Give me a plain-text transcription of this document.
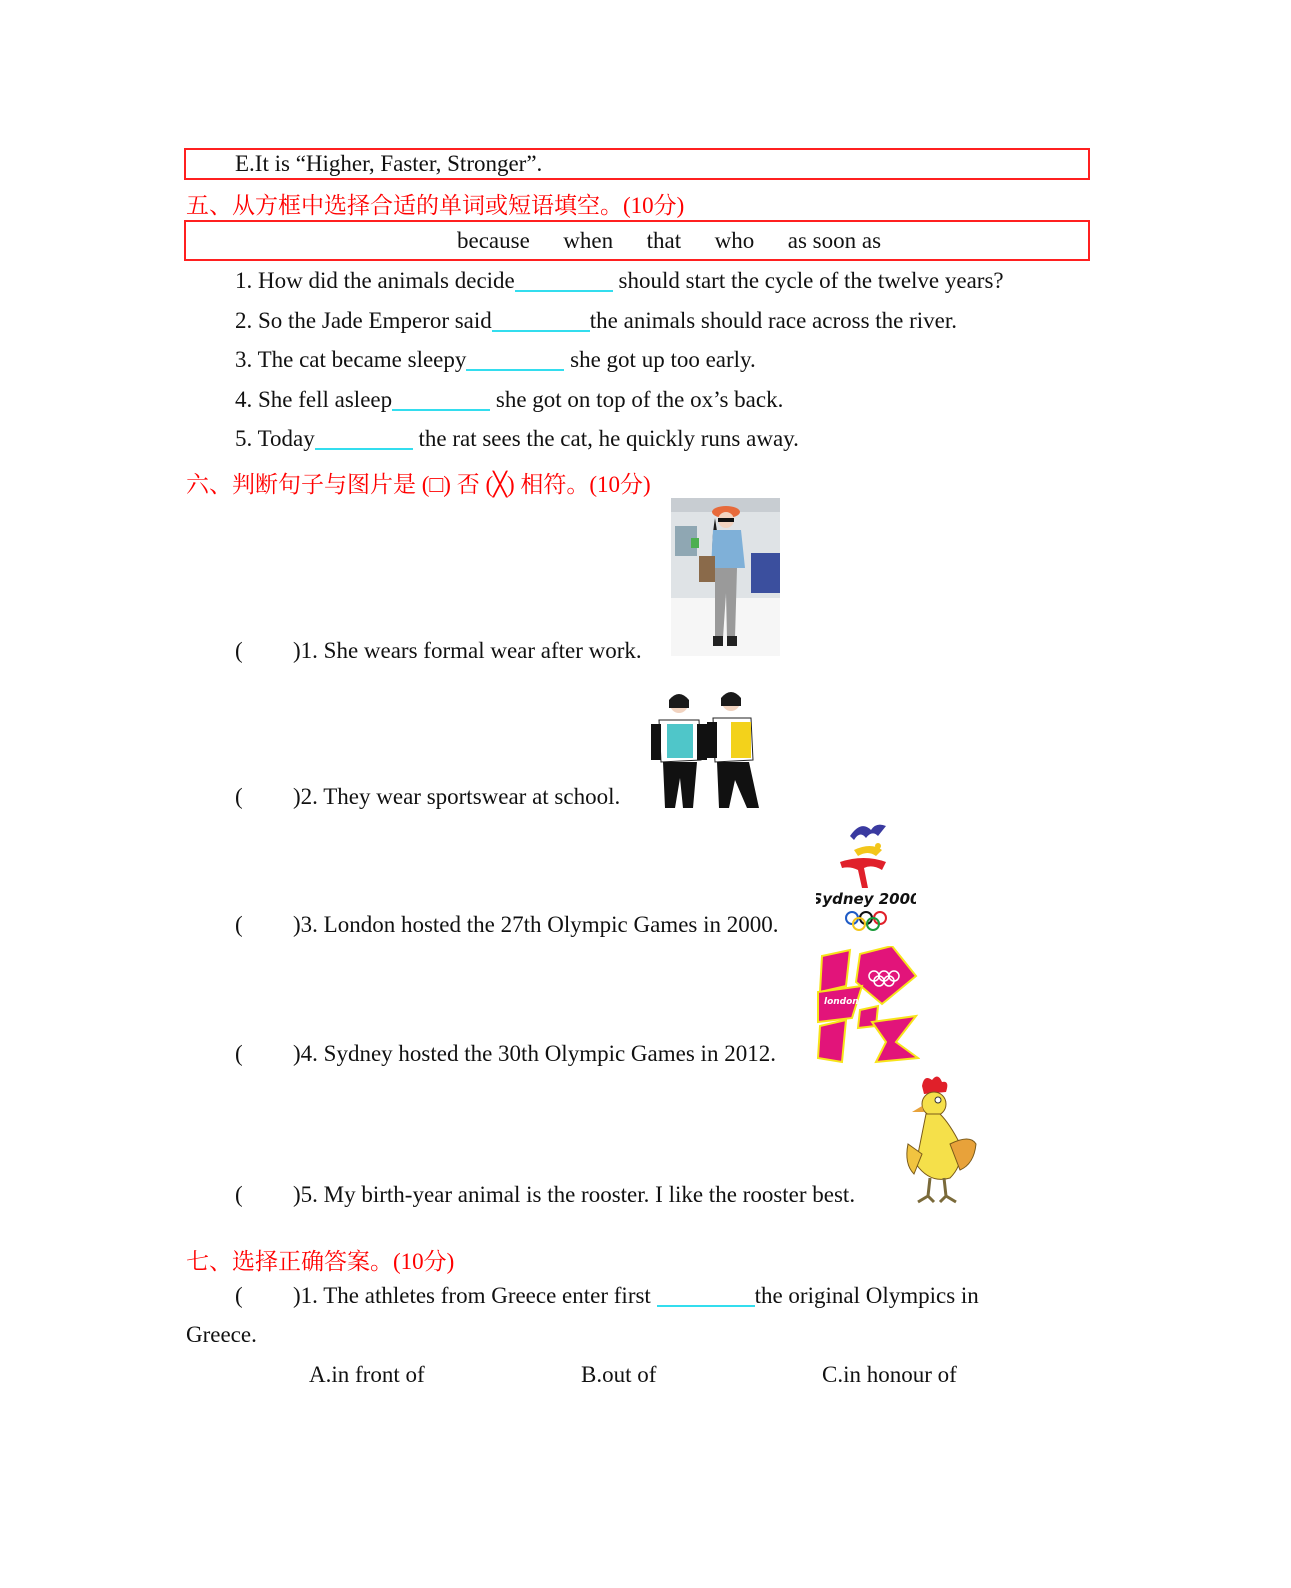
E.It is “Higher, Faster, Stronger”.
五、从方框中选择合适的单词或短语填空。(10分)
because when that who as soon as
1. How did the animals decide	should start the cycle of the twelve years?
2. So the Jade Emperor said	the animals should race across the river.
3. The cat became sleepy	she got up too early.
4. She fell asleep	she got on top of the ox’s back.
5. Today	the rat sees the cat, he quickly runs away.
六、判断句子与图片是 (□) 否 (╳) 相符。(10分)
( )1. She wears formal wear after work.
( )2. They wear sportswear at school.
Sydney 2000
( )3. London hosted the 27th Olympic Games in 2000.
london
( )4. Sydney hosted the 30th Olympic Games in 2012.
( )5. My birth-year animal is the rooster. I like the rooster best.
七、选择正确答案。(10分)
( )1. The athletes from Greece enter first	the original Olympics in
Greece.
A.in front of	B.out of	C.in honour of
